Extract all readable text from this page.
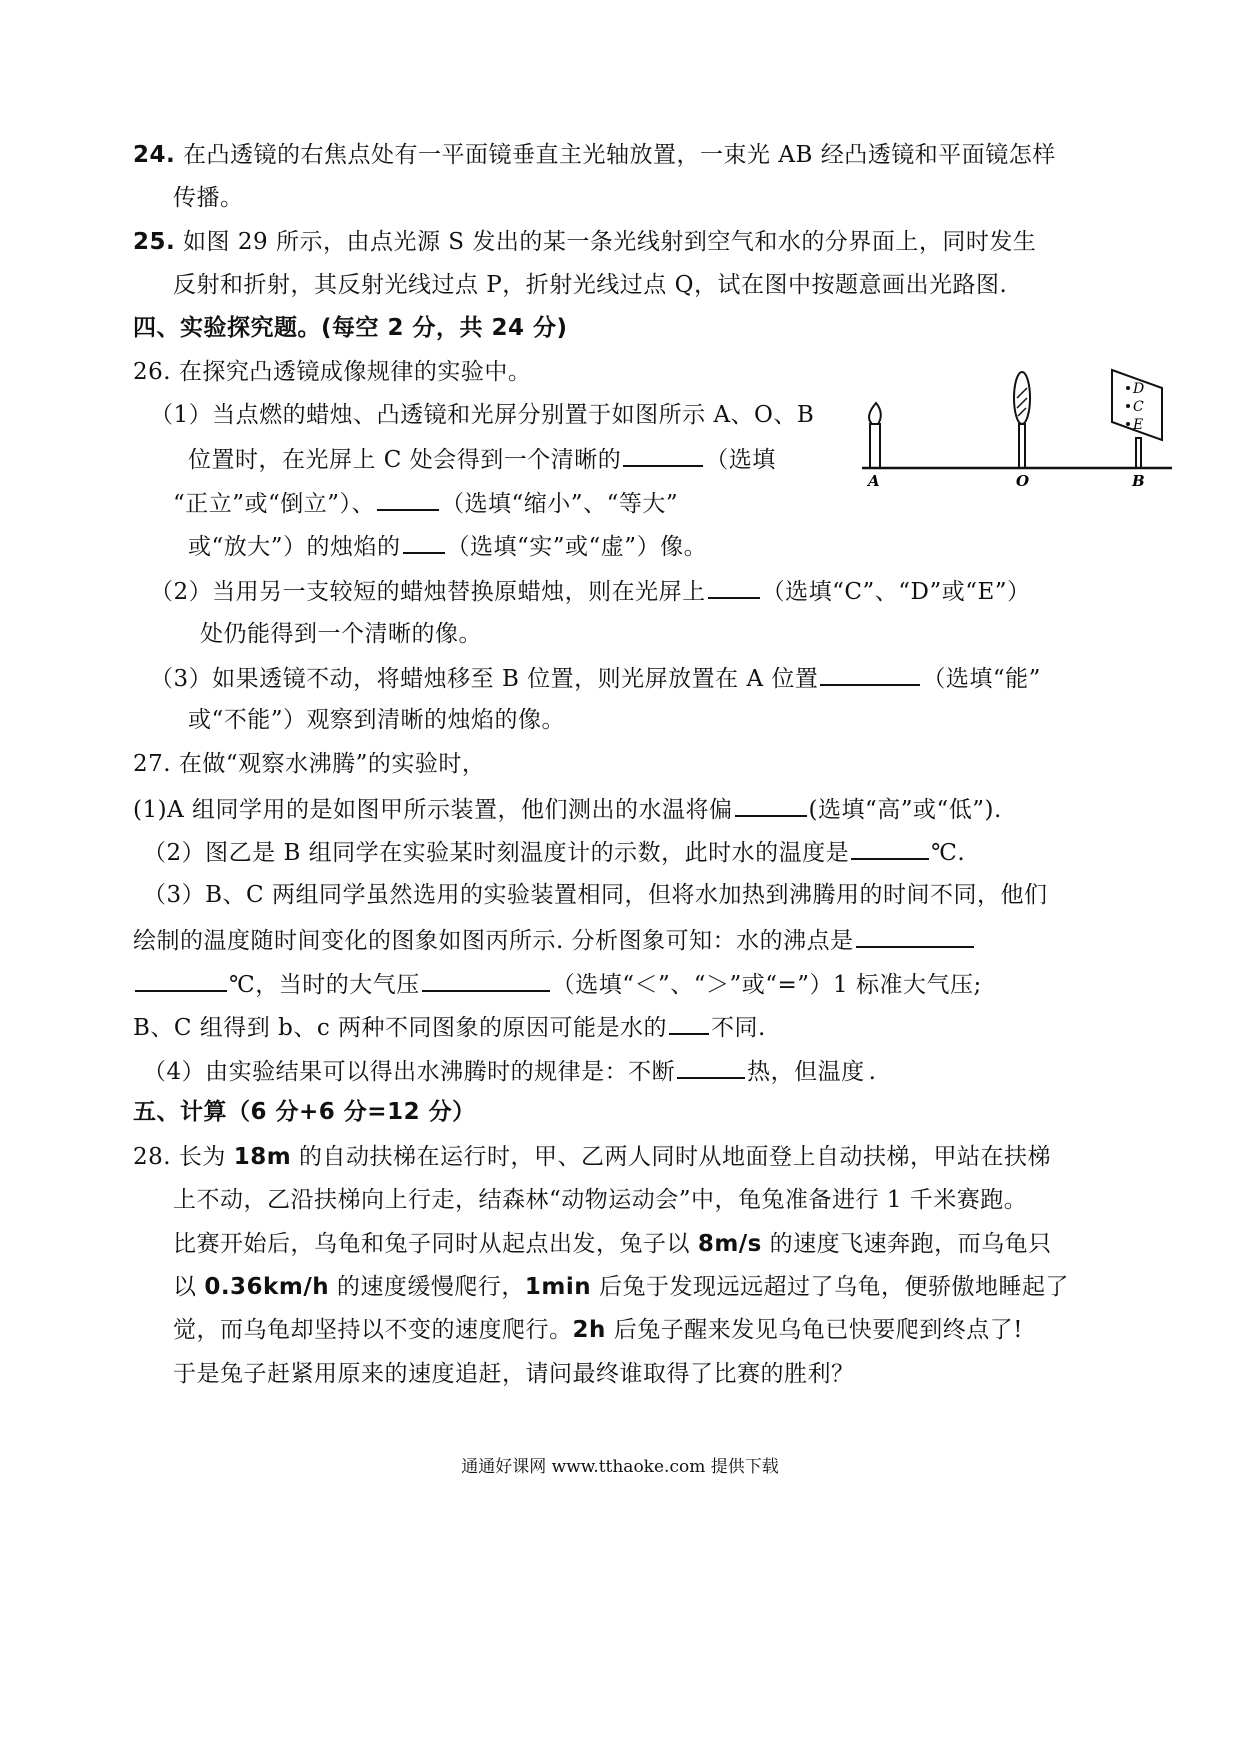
D
C
E
A	O	B
24. 在凸透镜的右焦点处有一平面镜垂直主光轴放置，一束光 AB 经凸透镜和平面镜怎样
传播。
25. 如图 29 所示，由点光源 S 发出的某一条光线射到空气和水的分界面上，同时发生
反射和折射，其反射光线过点 P，折射光线过点 Q，试在图中按题意画出光路图.
四、实验探究题。(每空 2 分，共 24 分)
26. 在探究凸透镜成像规律的实验中。
（1）当点燃的蜡烛、凸透镜和光屏分别置于如图所示 A、O、B
位置时，在光屏上 C 处会得到一个清晰的	（选填
“正立”或“倒立”）、	（选填“缩小”、“等大”
或“放大”）的烛焰的 （选填“实”或“虚”）像。
（2）当用另一支较短的蜡烛替换原蜡烛，则在光屏上 （选填“C”、“D”或“E”）
处仍能得到一个清晰的像。
（3）如果透镜不动，将蜡烛移至 B 位置，则光屏放置在 A 位置	（选填“能”
或“不能”）观察到清晰的烛焰的像。
27. 在做“观察水沸腾”的实验时，
(1)A 组同学用的是如图甲所示装置，他们测出的水温将偏	(选填“高”或“低”).
（2）图乙是 B 组同学在实验某时刻温度计的示数，此时水的温度是	℃.
（3）B、C 两组同学虽然选用的实验装置相同，但将水加热到沸腾用的时间不同，他们
绘制的温度随时间变化的图象如图丙所示. 分析图象可知：水的沸点是
℃，当时的大气压	（选填“＜”、“＞”或“=”）1 标准大气压;
B、C 组得到 b、c 两种不同图象的原因可能是水的 不同.
（4）由实验结果可以得出水沸腾时的规律是：不断	热，但温度 .
五、计算（6 分+6 分=12 分）
28. 长为 18m 的自动扶梯在运行时，甲、乙两人同时从地面登上自动扶梯，甲站在扶梯
上不动，乙沿扶梯向上行走，结森林“动物运动会”中，龟兔准备进行 1 千米赛跑。
比赛开始后，乌龟和兔子同时从起点出发，兔子以 8m/s 的速度飞速奔跑，而乌龟只
以 0.36km/h 的速度缓慢爬行，1min 后兔于发现远远超过了乌龟，便骄傲地睡起了
觉，而乌龟却坚持以不变的速度爬行。2h 后兔子醒来发见乌龟已快要爬到终点了!
于是兔子赶紧用原来的速度追赶，请问最终谁取得了比赛的胜利？
通通好课网 www.tthaoke.com 提供下载
